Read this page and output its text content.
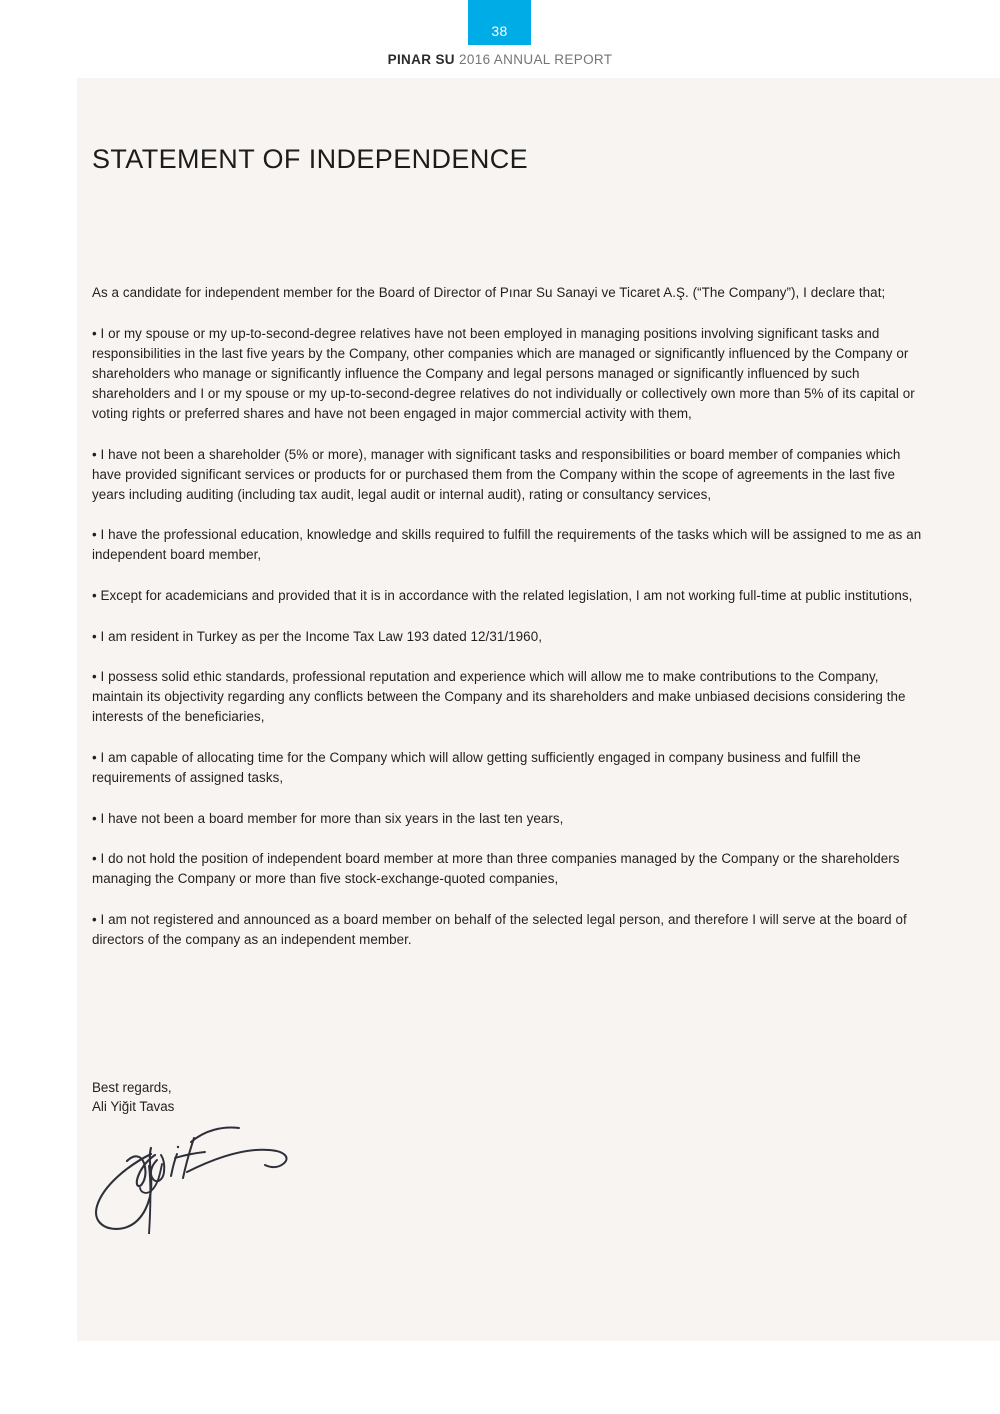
38
PINAR SU 2016 ANNUAL REPORT
STATEMENT OF INDEPENDENCE

As a candidate for independent member for the Board of Director of Pınar Su Sanayi ve Ticaret A.Ş. (“The Company”), I declare that;

• I or my spouse or my up-to-second-degree relatives have not been employed in managing positions involving significant tasks and responsibilities in the last five years by the Company, other companies which are managed or significantly influenced by the Company or shareholders who manage or significantly influence the Company and legal persons managed or significantly influenced by such shareholders and I or my spouse or my up-to-second-degree relatives do not individually or collectively own more than 5% of its capital or voting rights or preferred shares and have not been engaged in major commercial activity with them,

• I have not been a shareholder (5% or more), manager with significant tasks and responsibilities or board member of companies which have provided significant services or products for or purchased them from the Company within the scope of agreements in the last five years including auditing (including tax audit, legal audit or internal audit), rating or consultancy services,

• I have the professional education, knowledge and skills required to fulfill the requirements of the tasks which will be assigned to me as an independent board member,

• Except for academicians and provided that it is in accordance with the related legislation, I am not working full-time at public institutions,

• I am resident in Turkey as per the Income Tax Law 193 dated 12/31/1960,

• I possess solid ethic standards, professional reputation and experience which will allow me to make contributions to the Company, maintain its objectivity regarding any conflicts between the Company and its shareholders and make unbiased decisions considering the interests of the beneficiaries,

• I am capable of allocating time for the Company which will allow getting sufficiently engaged in company business and fulfill the requirements of assigned tasks,

• I have not been a board member for more than six years in the last ten years,

• I do not hold the position of independent board member at more than three companies managed by the Company or the shareholders managing the Company or more than five stock-exchange-quoted companies,

• I am not registered and announced as a board member on behalf of the selected legal person, and therefore I will serve at the board of directors of the company as an independent member.

Best regards,
Ali Yiğit Tavas
